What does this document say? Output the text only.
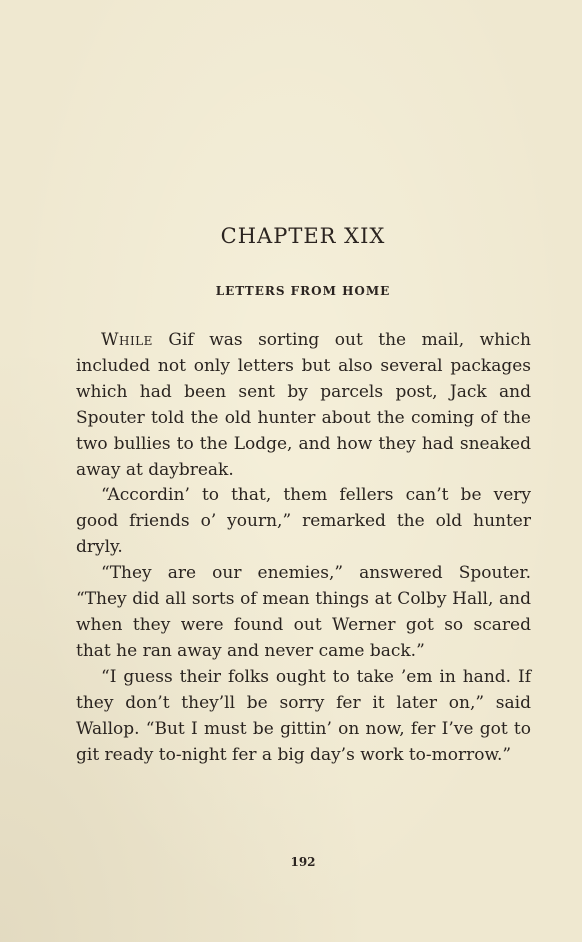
CHAPTER XIX
LETTERS FROM HOME

While Gif was sorting out the mail, which included not only letters but also several packages which had been sent by parcels post, Jack and Spouter told the old hunter about the coming of the two bullies to the Lodge, and how they had sneaked away at daybreak.

“Accordin’ to that, them fellers can’t be very good friends o’ yourn,” remarked the old hunter dryly.

“They are our enemies,” answered Spouter. “They did all sorts of mean things at Colby Hall, and when they were found out Werner got so scared that he ran away and never came back.”

“I guess their folks ought to take ’em in hand. If they don’t they’ll be sorry fer it later on,” said Wallop. “But I must be gittin’ on now, fer I’ve got to git ready to-night fer a big day’s work to-morrow.”

192
